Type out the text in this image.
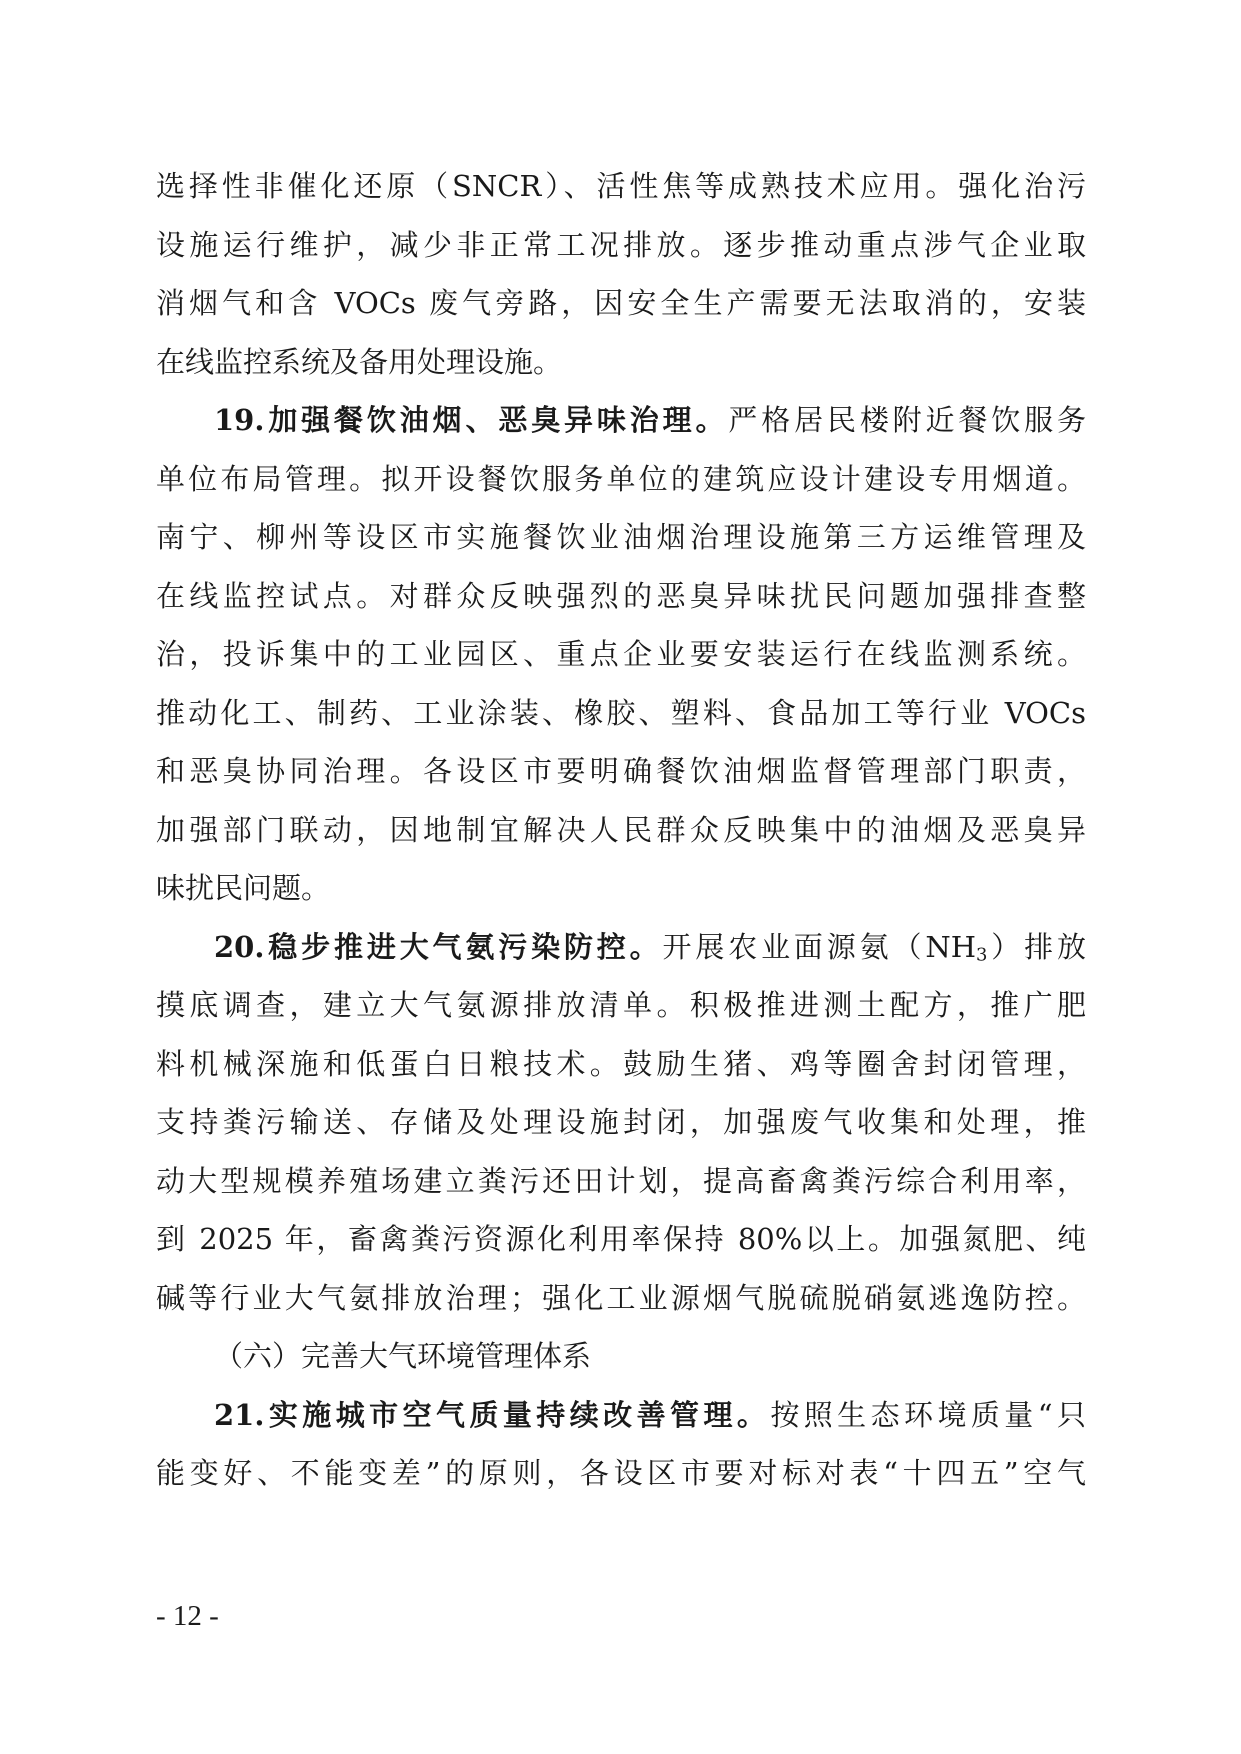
选择性非催化还原（SNCR）、活性焦等成熟技术应用。强化治污
设施运行维护，减少非正常工况排放。逐步推动重点涉气企业取
消烟气和含 VOCs 废气旁路，因安全生产需要无法取消的，安装
在线监控系统及备用处理设施。
19.加强餐饮油烟、恶臭异味治理。严格居民楼附近餐饮服务
单位布局管理。拟开设餐饮服务单位的建筑应设计建设专用烟道。
南宁、柳州等设区市实施餐饮业油烟治理设施第三方运维管理及
在线监控试点。对群众反映强烈的恶臭异味扰民问题加强排查整
治，投诉集中的工业园区、重点企业要安装运行在线监测系统。
推动化工、制药、工业涂装、橡胶、塑料、食品加工等行业 VOCs
和恶臭协同治理。各设区市要明确餐饮油烟监督管理部门职责，
加强部门联动，因地制宜解决人民群众反映集中的油烟及恶臭异
味扰民问题。
20.稳步推进大气氨污染防控。开展农业面源氨$(NH_3)$排放
摸底调查，建立大气氨源排放清单。积极推进测土配方，推广肥
料机械深施和低蛋白日粮技术。鼓励生猪、鸡等圈舍封闭管理，
支持粪污输送、存储及处理设施封闭，加强废气收集和处理，推
动大型规模养殖场建立粪污还田计划，提高畜禽粪污综合利用率，
到 2025 年，畜禽粪污资源化利用率保持 80%以上。加强氮肥、纯
碱等行业大气氨排放治理；强化工业源烟气脱硫脱硝氨逃逸防控。
（六）完善大气环境管理体系
21.实施城市空气质量持续改善管理。按照生态环境质量“只
能变好、不能变差”的原则，各设区市要对标对表“十四五”空气
- 12 -
